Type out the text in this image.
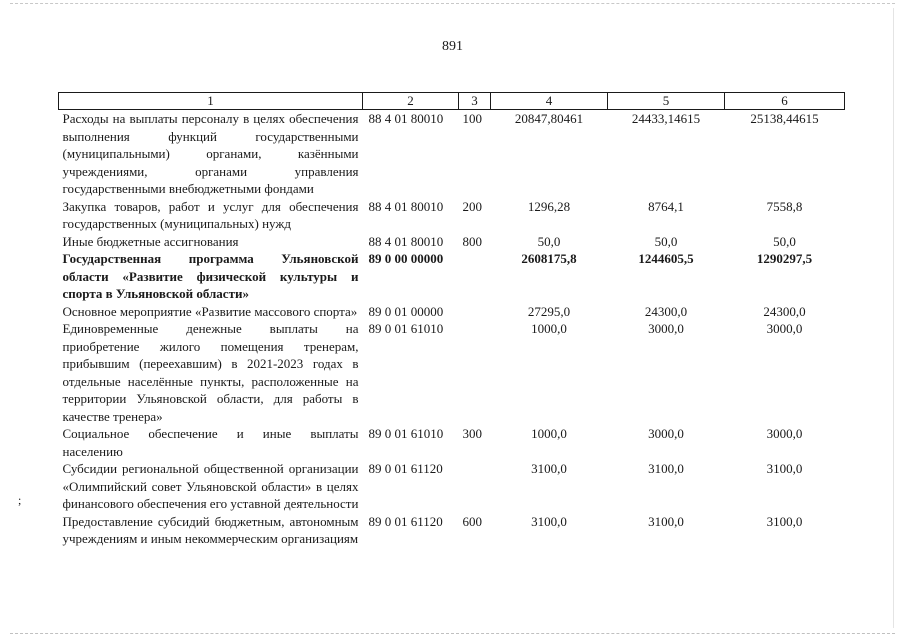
891
;
1	2	3	4	5	6
Расходы на выплаты персоналу в целях обеспечения выполнения функций государственными (муниципальными) органами, казёнными учреждениями, органами управления государственными внебюджетными фондами	88 4 01 80010	100	20847,80461	24433,14615	25138,44615
Закупка товаров, работ и услуг для обеспечения государственных (муниципальных) нужд	88 4 01 80010	200	1296,28	8764,1	7558,8
Иные бюджетные ассигнования	88 4 01 80010	800	50,0	50,0	50,0
Государственная программа Ульяновской области «Развитие физической культуры и спорта в Ульяновской области»	89 0 00 00000		2608175,8	1244605,5	1290297,5
Основное мероприятие «Развитие массового спорта»	89 0 01 00000		27295,0	24300,0	24300,0
Единовременные денежные выплаты на приобретение жилого помещения тренерам, прибывшим (переехавшим) в 2021-2023 годах в отдельные населённые пункты, расположенные на территории Ульяновской области, для работы в качестве тренера»	89 0 01 61010		1000,0	3000,0	3000,0
Социальное обеспечение и иные выплаты населению	89 0 01 61010	300	1000,0	3000,0	3000,0
Субсидии региональной общественной организации «Олимпийский совет Ульяновской области» в целях финансового обеспечения его уставной деятельности	89 0 01 61120		3100,0	3100,0	3100,0
Предоставление субсидий бюджетным, автономным учреждениям и иным некоммерческим организациям	89 0 01 61120	600	3100,0	3100,0	3100,0
